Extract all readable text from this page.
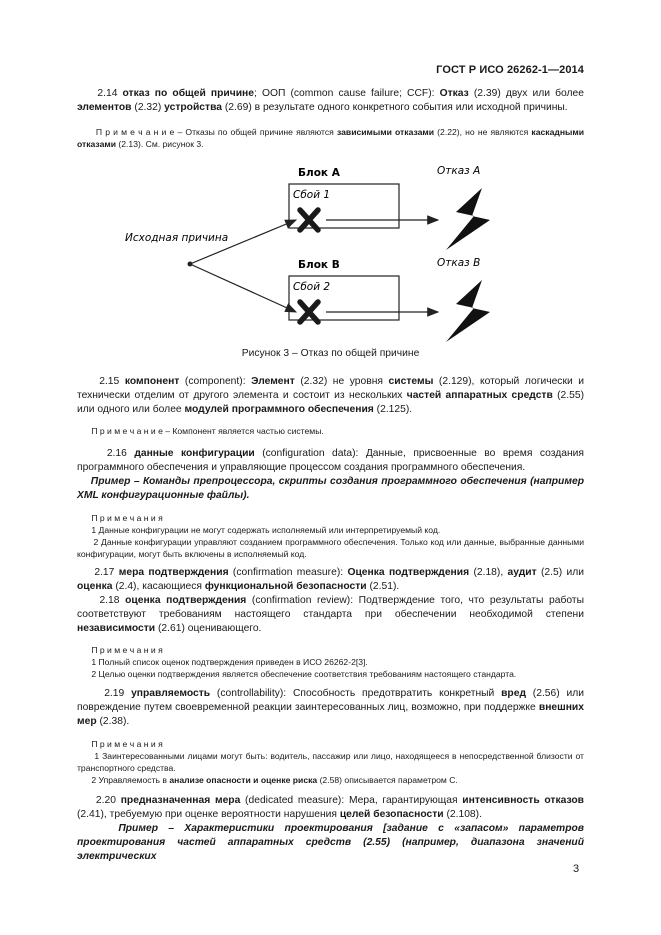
ГОСТ Р ИСО 26262-1—2014
2.14 отказ по общей причине; ООП (common cause failure; CCF): Отказ (2.39) двух или более элементов (2.32) устройства (2.69) в результате одного конкретного события или исходной причины.
П р и м е ч а н и е – Отказы по общей причине являются зависимыми отказами (2.22), но не являются каскадными отказами (2.13). См. рисунок 3.
Блок А
Блок В
Отказ А
Отказ В
Исходная причина
Сбой 1
Сбой 2
Рисунок 3 – Отказ по общей причине
2.15 компонент (component): Элемент (2.32) не уровня системы (2.129), который логически и технически отделим от другого элемента и состоит из нескольких частей аппаратных средств (2.55) или одного или более модулей программного обеспечения (2.125).
П р и м е ч а н и е – Компонент является частью системы.
2.16 данные конфигурации (configuration data): Данные, присвоенные во время создания программного обеспечения и управляющие процессом создания программного обеспечения.
Пример – Команды препроцессора, скрипты создания программного обеспечения (например XML конфигурационные файлы).
П р и м е ч а н и я
1 Данные конфигурации не могут содержать исполняемый или интерпретируемый код.
2 Данные конфигурации управляют созданием программного обеспечения. Только код или данные, выбранные данными конфигурации, могут быть включены в исполняемый код.
2.17 мера подтверждения (confirmation measure): Оценка подтверждения (2.18), аудит (2.5) или оценка (2.4), касающиеся функциональной безопасности (2.51).
2.18 оценка подтверждения (confirmation review): Подтверждение того, что результаты работы соответствуют требованиям настоящего стандарта при обеспечении необходимой степени независимости (2.61) оценивающего.
П р и м е ч а н и я
1 Полный список оценок подтверждения приведен в ИСО 26262-2[3].
2 Целью оценки подтверждения является обеспечение соответствия требованиям настоящего стандарта.
2.19 управляемость (controllability): Способность предотвратить конкретный вред (2.56) или повреждение путем своевременной реакции заинтересованных лиц, возможно, при поддержке внешних мер (2.38).
П р и м е ч а н и я
1 Заинтересованными лицами могут быть: водитель, пассажир или лицо, находящееся в непосредственной близости от транспортного средства.
2 Управляемость в анализе опасности и оценке риска (2.58) описывается параметром С.
2.20 предназначенная мера (dedicated measure): Мера, гарантирующая интенсивность отказов (2.41), требуемую при оценке вероятности нарушения целей безопасности (2.108).
Пример – Характеристики проектирования [задание с «запасом» параметров проектирования частей аппаратных средств (2.55) (например, диапазона значений электрических
3
